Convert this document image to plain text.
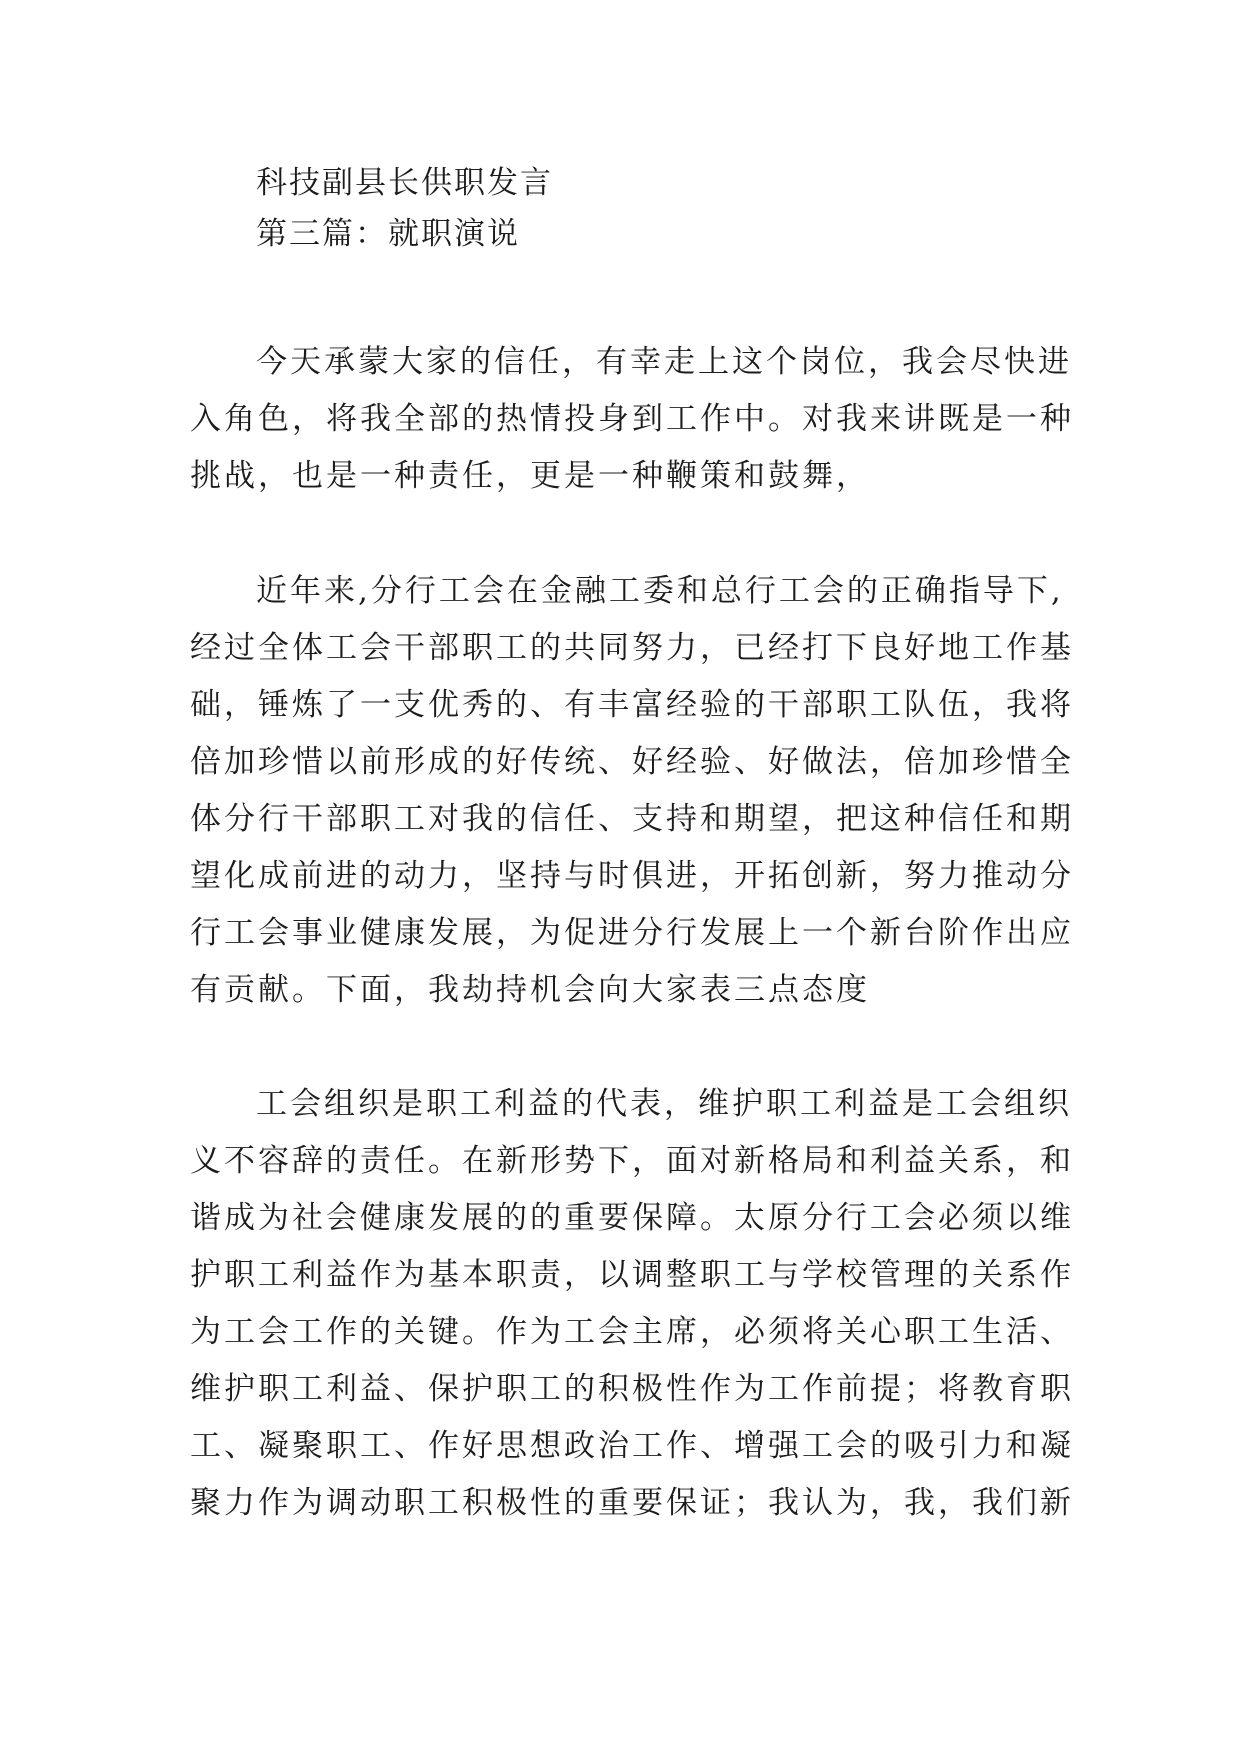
科技副县长供职发言
第三篇：就职演说
今天承蒙大家的信任，有幸走上这个岗位，我会尽快进
入角色，将我全部的热情投身到工作中。对我来讲既是一种
挑战，也是一种责任，更是一种鞭策和鼓舞，
近年来,分行工会在金融工委和总行工会的正确指导下,
经过全体工会干部职工的共同努力，已经打下良好地工作基
础，锤炼了一支优秀的、有丰富经验的干部职工队伍，我将
倍加珍惜以前形成的好传统、好经验、好做法，倍加珍惜全
体分行干部职工对我的信任、支持和期望，把这种信任和期
望化成前进的动力，坚持与时俱进，开拓创新，努力推动分
行工会事业健康发展，为促进分行发展上一个新台阶作出应
有贡献。下面，我劫持机会向大家表三点态度
工会组织是职工利益的代表，维护职工利益是工会组织
义不容辞的责任。在新形势下，面对新格局和利益关系，和
谐成为社会健康发展的的重要保障。太原分行工会必须以维
护职工利益作为基本职责，以调整职工与学校管理的关系作
为工会工作的关键。作为工会主席，必须将关心职工生活、
维护职工利益、保护职工的积极性作为工作前提；将教育职
工、凝聚职工、作好思想政治工作、增强工会的吸引力和凝
聚力作为调动职工积极性的重要保证；我认为，我，我们新
